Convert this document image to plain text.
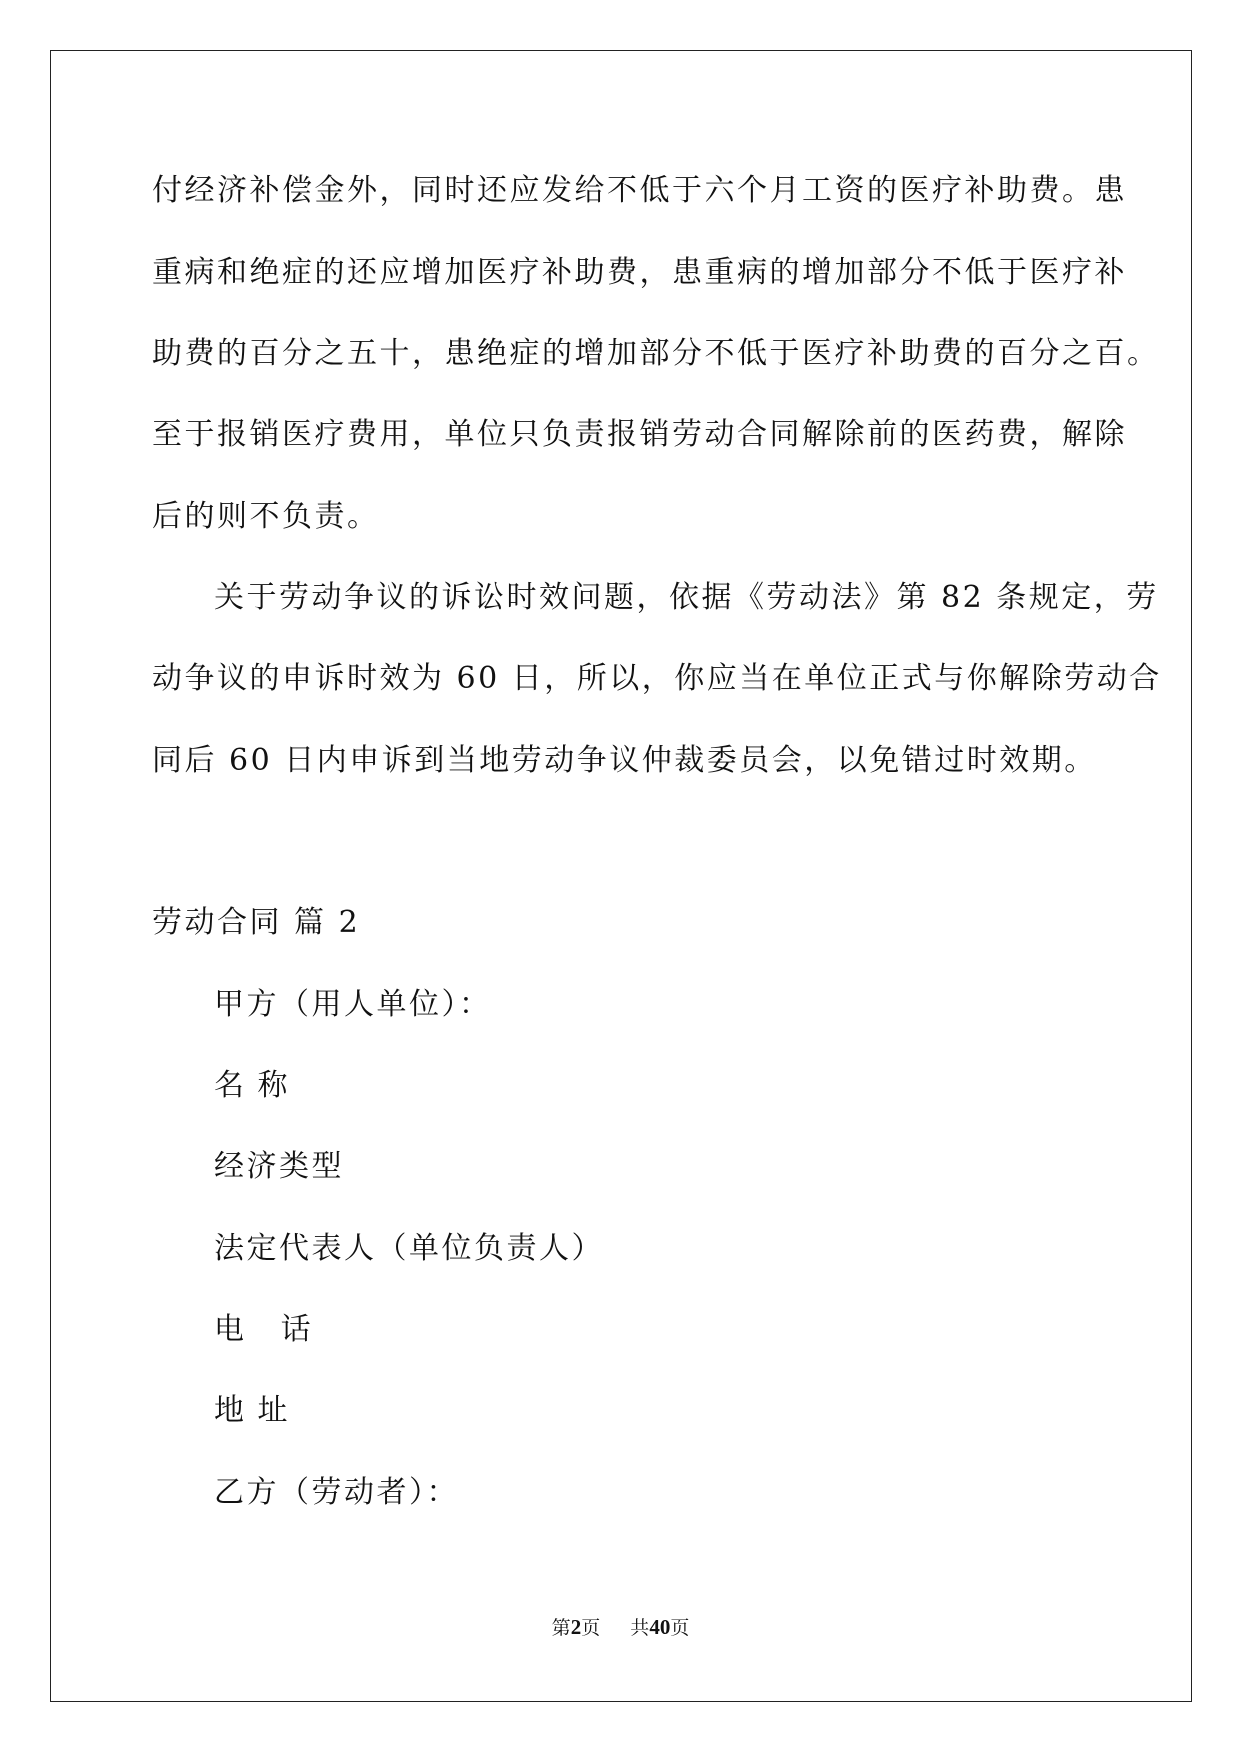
付经济补偿金外，同时还应发给不低于六个月工资的医疗补助费。患
重病和绝症的还应增加医疗补助费，患重病的增加部分不低于医疗补
助费的百分之五十，患绝症的增加部分不低于医疗补助费的百分之百。
至于报销医疗费用，单位只负责报销劳动合同解除前的医药费，解除
后的则不负责。
关于劳动争议的诉讼时效问题，依据《劳动法》第 82 条规定，劳
动争议的申诉时效为 60 日，所以，你应当在单位正式与你解除劳动合
同后 60 日内申诉到当地劳动争议仲裁委员会，以免错过时效期。
劳动合同 篇 2
甲方（用人单位）：
名 称
经济类型
法定代表人（单位负责人）
电   话
地 址
乙方（劳动者）：
第2页 共40页
